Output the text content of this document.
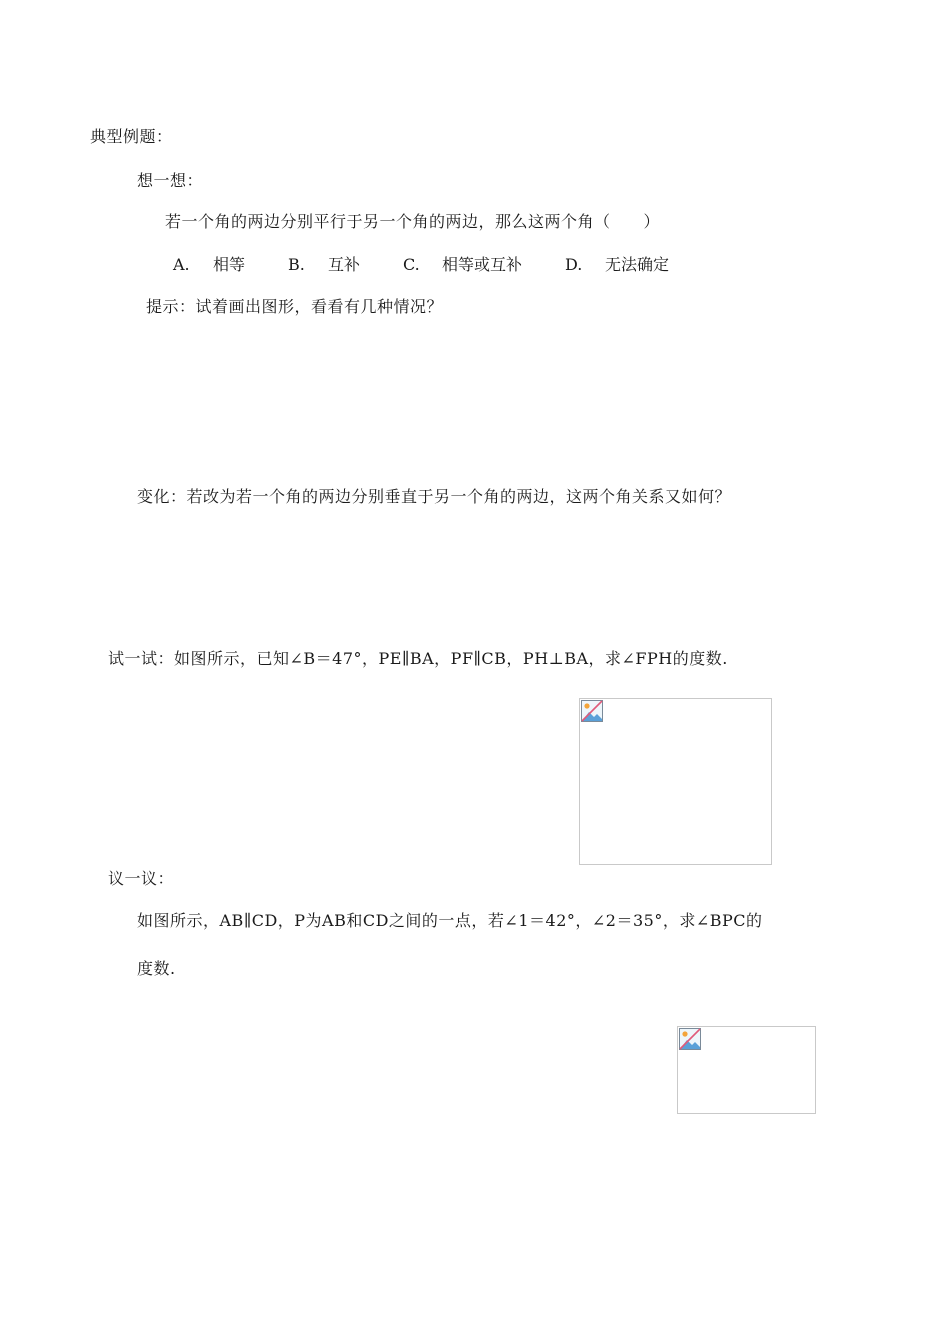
典型例题：
想一想：
若一个角的两边分别平行于另一个角的两边，那么这两个角（　　）
A. 相等	B. 互补	C. 相等或互补	D. 无法确定
提示：试着画出图形，看看有几种情况？
变化：若改为若一个角的两边分别垂直于另一个角的两边，这两个角关系又如何？
试一试：如图所示，已知∠B＝47°，PE∥BA，PF∥CB，PH⊥BA，求∠FPH的度数.
议一议：
如图所示，AB∥CD，P为AB和CD之间的一点，若∠1＝42°，∠2＝35°，求∠BPC的
度数.
